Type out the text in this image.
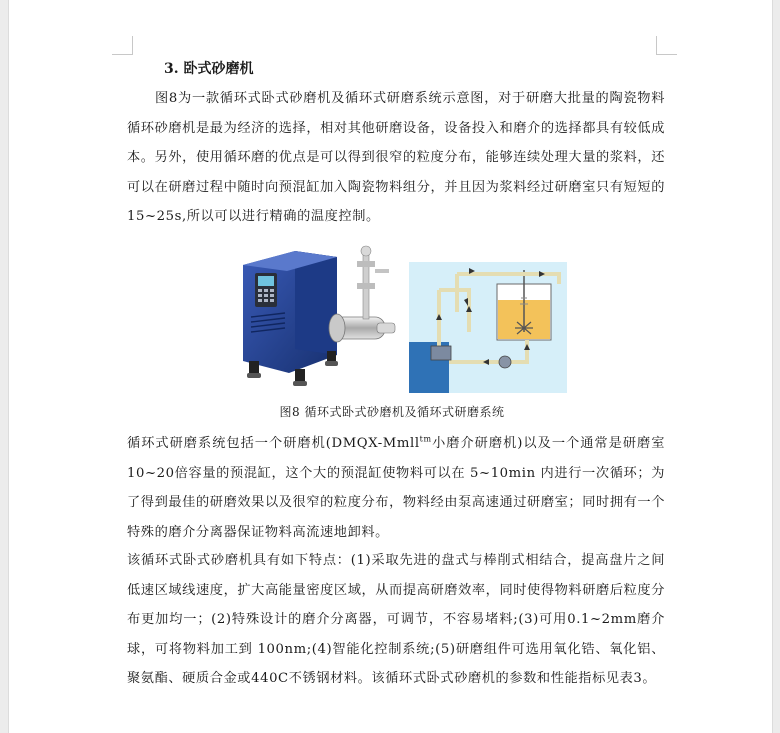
3. 卧式砂磨机
图8为一款循环式卧式砂磨机及循环式研磨系统示意图，对于研磨大批量的陶瓷物料循环砂磨机是最为经济的选择，相对其他研磨设备，设备投入和磨介的选择都具有较低成本。另外，使用循环磨的优点是可以得到很窄的粒度分布，能够连续处理大量的浆料，还可以在研磨过程中随时向预混缸加入陶瓷物料组分，并且因为浆料经过研磨室只有短短的15~25s,所以可以进行精确的温度控制。
图8 循环式卧式砂磨机及循环式研磨系统
循环式研磨系统包括一个研磨机(DMQX-Mmll$^{tm}$小磨介研磨机)以及一个通常是研磨室10~20倍容量的预混缸，这个大的预混缸使物料可以在 5~10min 内进行一次循环；为了得到最佳的研磨效果以及很窄的粒度分布，物料经由泵高速通过研磨室；同时拥有一个特殊的磨介分离器保证物料高流速地卸料。
该循环式卧式砂磨机具有如下特点：(1)采取先进的盘式与棒削式相结合，提高盘片之间低速区域线速度，扩大高能量密度区域，从而提高研磨效率，同时使得物料研磨后粒度分布更加均一；(2)特殊设计的磨介分离器，可调节，不容易堵料;(3)可用0.1~2mm磨介球，可将物料加工到 100nm;(4)智能化控制系统;(5)研磨组件可选用氧化锆、氧化铝、聚氨酯、硬质合金或440C不锈钢材料。该循环式卧式砂磨机的参数和性能指标见表3。
